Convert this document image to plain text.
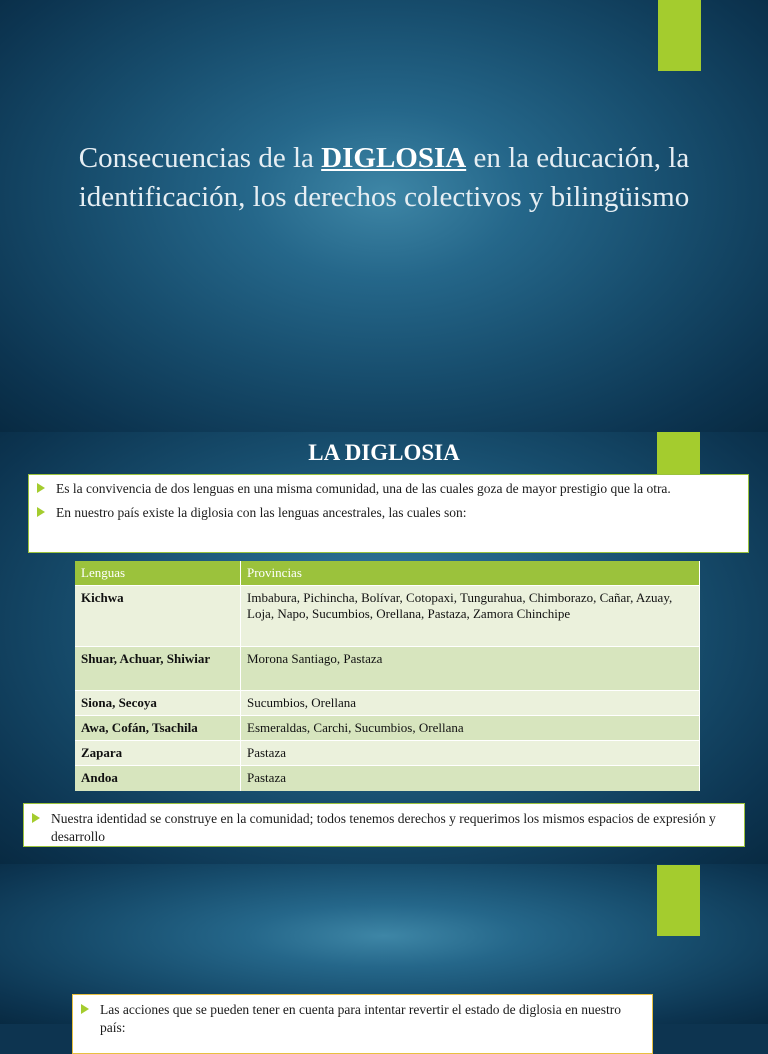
Consecuencias de la DIGLOSIA en la educación, la identificación, los derechos colectivos y bilingüismo
LA DIGLOSIA
Es la convivencia de dos lenguas en una misma comunidad, una de las cuales goza de mayor prestigio que la otra.
En nuestro país existe la diglosia con las lenguas ancestrales, las cuales son:
Lenguas	Provincias
Kichwa	Imbabura, Pichincha, Bolívar, Cotopaxi, Tungurahua, Chimborazo, Cañar, Azuay, Loja, Napo, Sucumbios, Orellana, Pastaza, Zamora Chinchipe
Shuar, Achuar, Shiwiar	Morona Santiago, Pastaza
Siona, Secoya	Sucumbios, Orellana
Awa, Cofán, Tsachila	Esmeraldas, Carchi, Sucumbios, Orellana
Zapara	Pastaza
Andoa	Pastaza
Nuestra identidad se construye en la comunidad; todos tenemos derechos y requerimos los mismos espacios de expresión y desarrollo
Las acciones que se pueden tener en cuenta para intentar revertir el estado de diglosia en nuestro país:
